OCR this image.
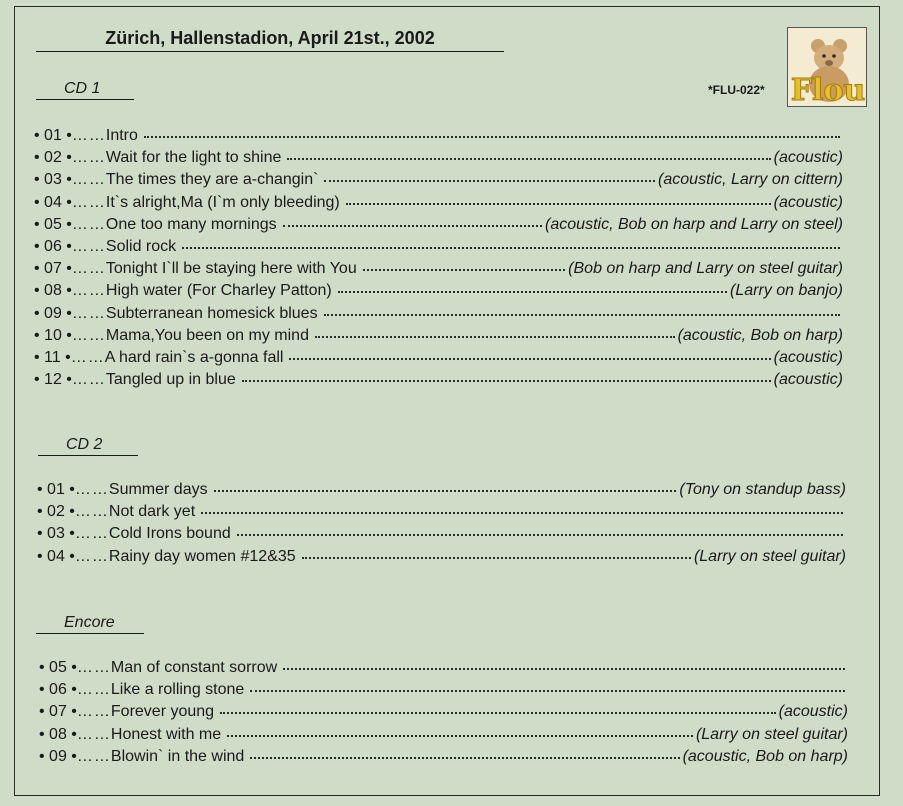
Zürich, Hallenstadion, April 21st., 2002
Flou
*FLU-022*
CD 1
• 01 • …… Intro
• 02 • …… Wait for the light to shine	(acoustic)
• 03 • …… The times they are a-changin`	(acoustic, Larry on cittern)
• 04 • …… It`s alright,Ma (I`m only bleeding)	(acoustic)
• 05 • …… One too many mornings	(acoustic, Bob on harp and Larry on steel)
• 06 • …… Solid rock
• 07 • …… Tonight I`ll be staying here with You	(Bob on harp and Larry on steel guitar)
• 08 • …… High water (For Charley Patton)	(Larry on banjo)
• 09 • …… Subterranean homesick blues
• 10 • …… Mama,You been on my mind	(acoustic, Bob on harp)
• 11 • …… A hard rain`s a-gonna fall	(acoustic)
• 12 • …… Tangled up in blue	(acoustic)
CD 2
• 01 • …… Summer days	(Tony on standup bass)
• 02 • …… Not dark yet
• 03 • …… Cold Irons bound
• 04 • …… Rainy day women #12&35	(Larry on steel guitar)
Encore
• 05 • …… Man of constant sorrow
• 06 • …… Like a rolling stone
• 07 • …… Forever young	(acoustic)
• 08 • …… Honest with me	(Larry on steel guitar)
• 09 • …… Blowin` in the wind	(acoustic, Bob on harp)
